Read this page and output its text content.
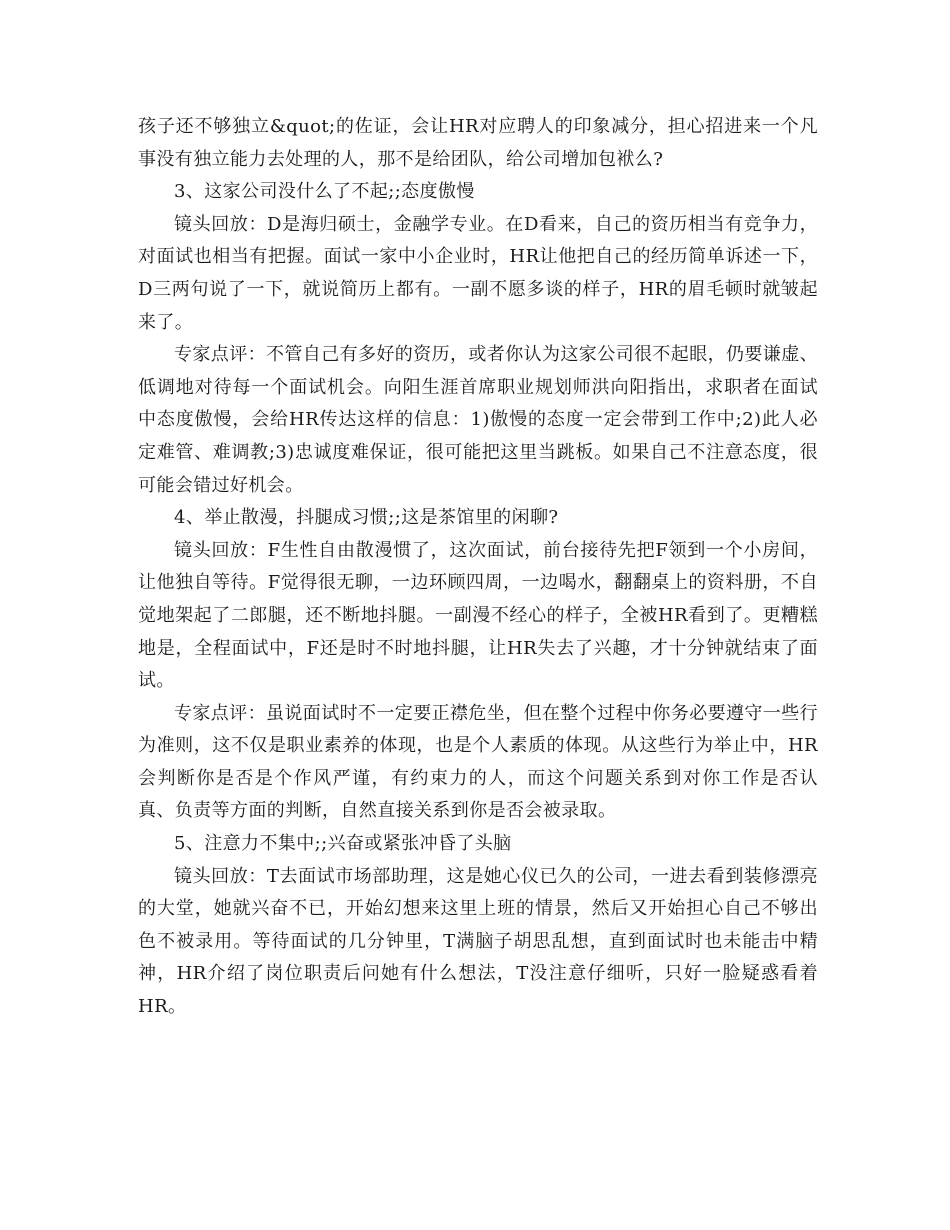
孩子还不够独立&quot;的佐证，会让HR对应聘人的印象减分，担心招进来一个凡事没有独立能力去处理的人，那不是给团队，给公司增加包袱么?

3、这家公司没什么了不起;;态度傲慢

镜头回放：D是海归硕士，金融学专业。在D看来，自己的资历相当有竞争力，对面试也相当有把握。面试一家中小企业时，HR让他把自己的经历简单诉述一下，D三两句说了一下，就说简历上都有。一副不愿多谈的样子，HR的眉毛顿时就皱起来了。

专家点评：不管自己有多好的资历，或者你认为这家公司很不起眼，仍要谦虚、低调地对待每一个面试机会。向阳生涯首席职业规划师洪向阳指出，求职者在面试中态度傲慢，会给HR传达这样的信息：1)傲慢的态度一定会带到工作中;2)此人必定难管、难调教;3)忠诚度难保证，很可能把这里当跳板。如果自己不注意态度，很可能会错过好机会。

4、举止散漫，抖腿成习惯;;这是茶馆里的闲聊?

镜头回放：F生性自由散漫惯了，这次面试，前台接待先把F领到一个小房间，让他独自等待。F觉得很无聊，一边环顾四周，一边喝水，翻翻桌上的资料册，不自觉地架起了二郎腿，还不断地抖腿。一副漫不经心的样子，全被HR看到了。更糟糕地是，全程面试中，F还是时不时地抖腿，让HR失去了兴趣，才十分钟就结束了面试。

专家点评：虽说面试时不一定要正襟危坐，但在整个过程中你务必要遵守一些行为准则，这不仅是职业素养的体现，也是个人素质的体现。从这些行为举止中，HR会判断你是否是个作风严谨，有约束力的人，而这个问题关系到对你工作是否认真、负责等方面的判断，自然直接关系到你是否会被录取。

5、注意力不集中;;兴奋或紧张冲昏了头脑

镜头回放：T去面试市场部助理，这是她心仪已久的公司，一进去看到装修漂亮的大堂，她就兴奋不已，开始幻想来这里上班的情景，然后又开始担心自己不够出色不被录用。等待面试的几分钟里，T满脑子胡思乱想，直到面试时也未能击中精神，HR介绍了岗位职责后问她有什么想法，T没注意仔细听，只好一脸疑惑看着HR。
